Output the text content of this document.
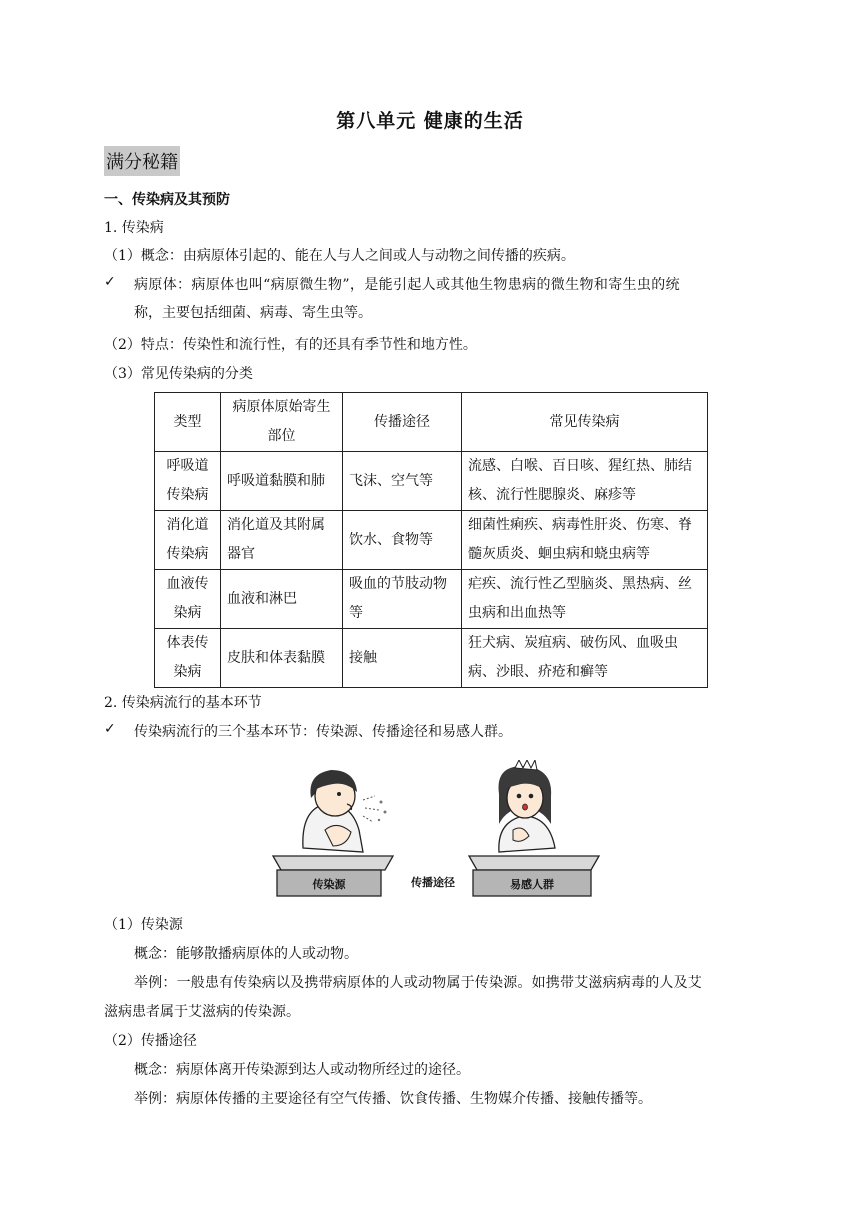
第八单元 健康的生活
满分秘籍
一、传染病及其预防
1. 传染病
（1）概念：由病原体引起的、能在人与人之间或人与动物之间传播的疾病。
✓ 病原体：病原体也叫“病原微生物”，是能引起人或其他生物患病的微生物和寄生虫的统
称，主要包括细菌、病毒、寄生虫等。
（2）特点：传染性和流行性，有的还具有季节性和地方性。
（3）常见传染病的分类
类型	病原体原始寄生部位	传播途径	常见传染病
呼吸道传染病	呼吸道黏膜和肺	飞沫、空气等	流感、白喉、百日咳、猩红热、肺结核、流行性腮腺炎、麻疹等
消化道传染病	消化道及其附属器官	饮水、食物等	细菌性痢疾、病毒性肝炎、伤寒、脊髓灰质炎、蛔虫病和蛲虫病等
血液传染病	血液和淋巴	吸血的节肢动物等	疟疾、流行性乙型脑炎、黑热病、丝虫病和出血热等
体表传染病	皮肤和体表黏膜	接触	狂犬病、炭疽病、破伤风、血吸虫病、沙眼、疥疮和癣等
2. 传染病流行的基本环节
✓ 传染病流行的三个基本环节：传染源、传播途径和易感人群。
传染源	传播途径	易感人群
（1）传染源
概念：能够散播病原体的人或动物。
举例：一般患有传染病以及携带病原体的人或动物属于传染源。如携带艾滋病病毒的人及艾
滋病患者属于艾滋病的传染源。
（2）传播途径
概念：病原体离开传染源到达人或动物所经过的途径。
举例：病原体传播的主要途径有空气传播、饮食传播、生物媒介传播、接触传播等。
